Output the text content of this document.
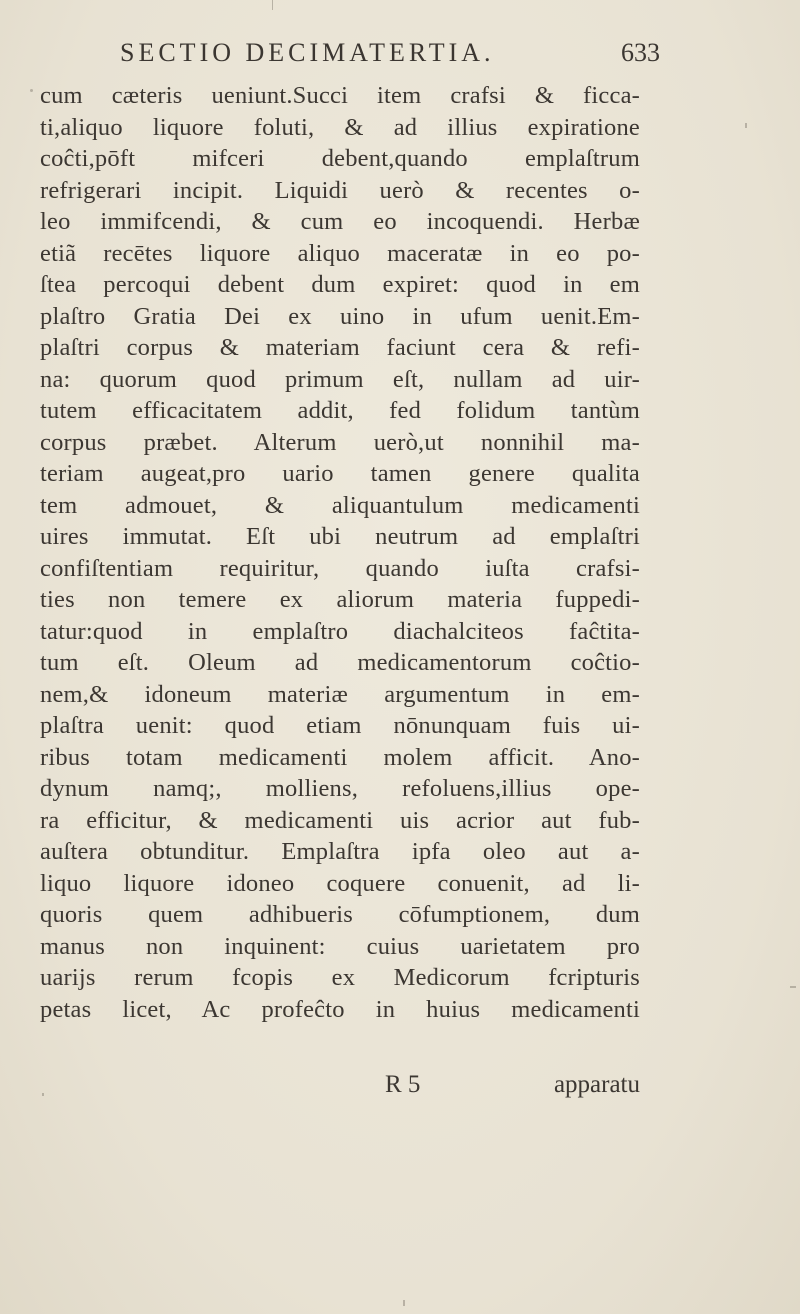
SECTIO DECIMATERTIA.	633
cum cæteris ueniunt.Succi item crafsi & ficca-
ti,aliquo liquore foluti, & ad illius expiratione
coĉti,pōft mifceri debent,quando emplaſtrum
refrigerari incipit. Liquidi uerò & recentes o-
leo immifcendi, & cum eo incoquendi. Herbæ
etiã recētes liquore aliquo maceratæ in eo po-
ſtea percoqui debent dum expiret: quod in em
plaſtro Gratia Dei ex uino in ufum uenit.Em-
plaſtri corpus & materiam faciunt cera & refi-
na: quorum quod primum eſt, nullam ad uir-
tutem efficacitatem addit, fed folidum tantùm
corpus præbet. Alterum uerò,ut nonnihil ma-
teriam augeat,pro uario tamen genere qualita
tem admouet, & aliquantulum medicamenti
uires immutat. Eſt ubi neutrum ad emplaſtri
confiſtentiam requiritur, quando iuſta crafsi-
ties non temere ex aliorum materia fuppedi-
tatur:quod in emplaſtro diachalciteos faĉtita-
tum eſt. Oleum ad medicamentorum coĉtio-
nem,& idoneum materiæ argumentum in em-
plaſtra uenit: quod etiam nōnunquam fuis ui-
ribus totam medicamenti molem afficit. Ano-
dynum namq;, molliens, refoluens,illius ope-
ra efficitur, & medicamenti uis acrior aut fub-
auſtera obtunditur. Emplaſtra ipfa oleo aut a-
liquo liquore idoneo coquere conuenit, ad li-
quoris quem adhibueris cōfumptionem, dum
manus non inquinent: cuius uarietatem pro
uarijs rerum fcopis ex Medicorum fcripturis
petas licet, Ac profeĉto in huius medicamenti
R 5	apparatu
